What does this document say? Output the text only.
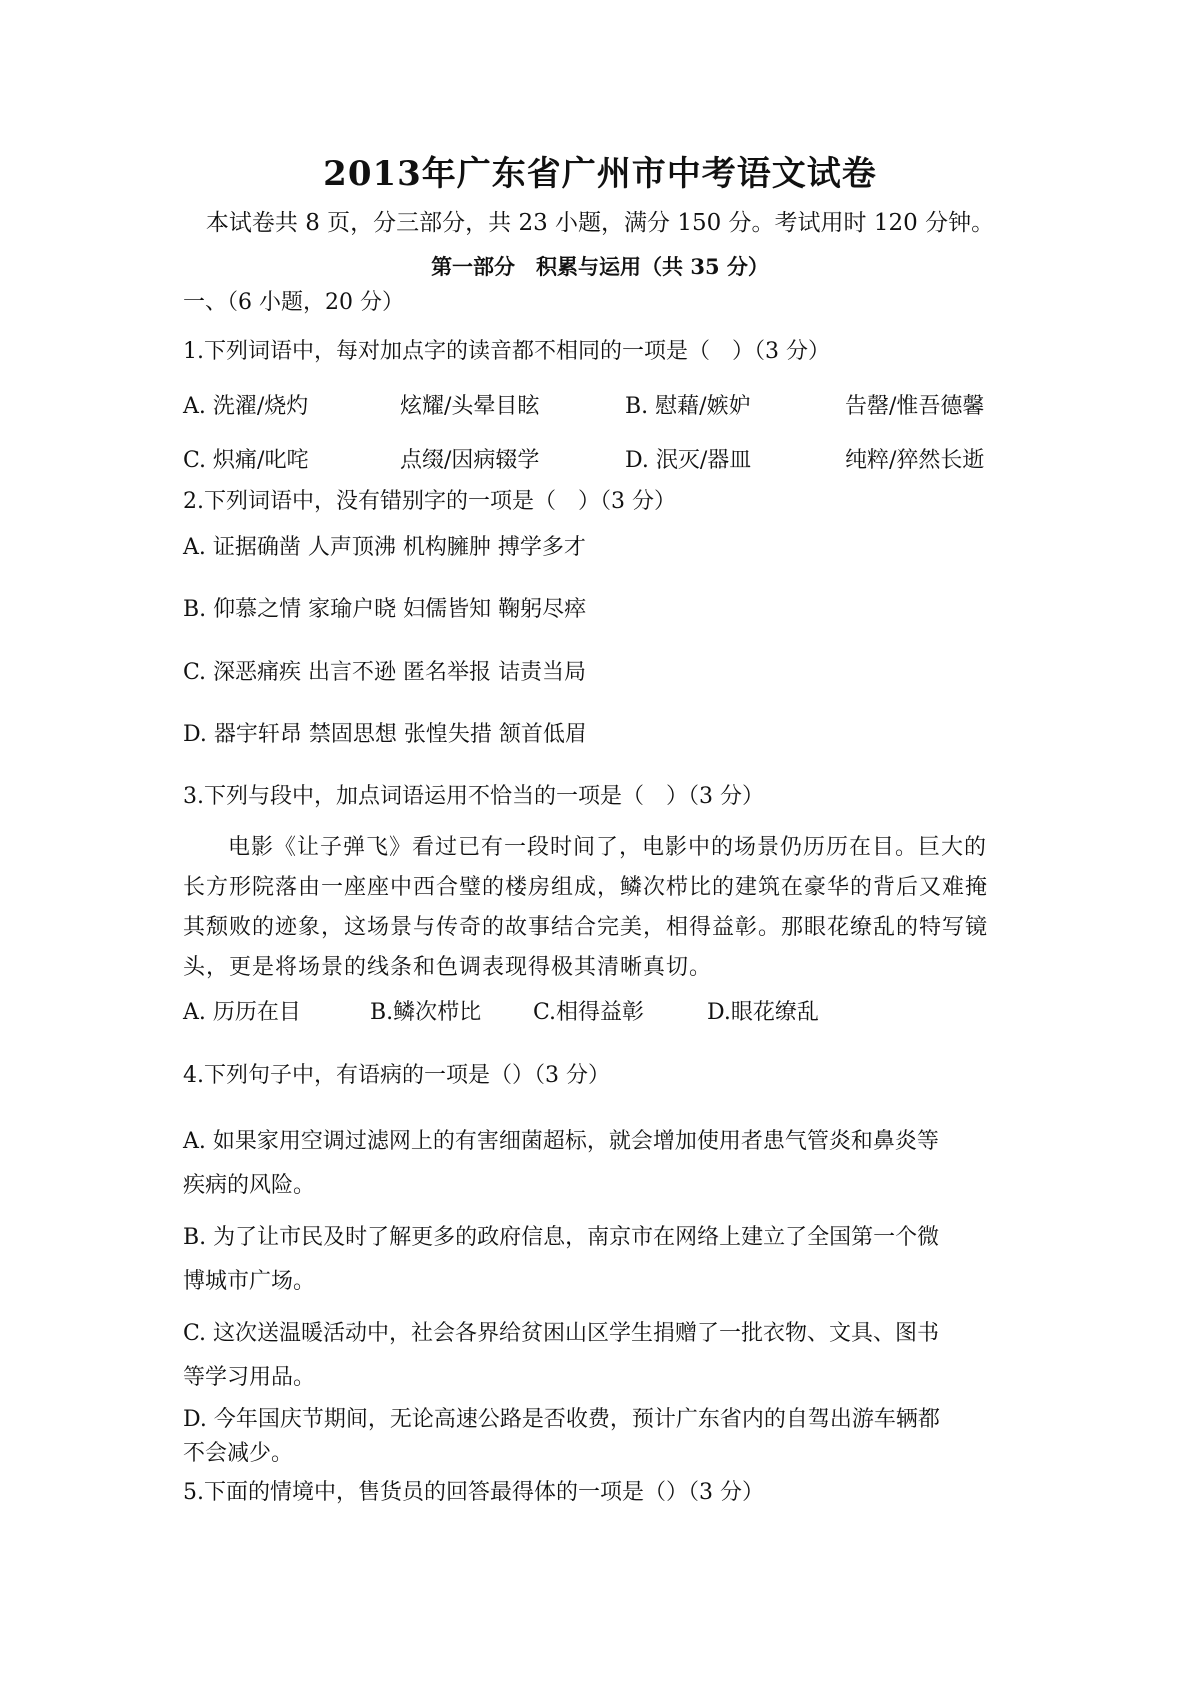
2013年广东省广州市中考语文试卷
本试卷共 8 页，分三部分，共 23 小题，满分 150 分。考试用时 120 分钟。
第一部分　积累与运用（共 35 分）
一、（6 小题，20 分）
1.下列词语中，每对加点字的读音都不相同的一项是（　）（3 分）
A. 洗濯/烧灼	炫耀/头晕目眩	B. 慰藉/嫉妒	告罄/惟吾德馨
C. 炽痛/叱咤	点缀/因病辍学	D. 泯灭/器皿	纯粹/猝然长逝
2.下列词语中，没有错别字的一项是（　）（3 分）
A. 证据确凿 人声顶沸 机构臃肿 搏学多才
B. 仰慕之情 家瑜户晓 妇儒皆知 鞠躬尽瘁
C. 深恶痛疾 出言不逊 匿名举报 诘责当局
D. 器宇轩昂 禁固思想 张惶失措 颔首低眉
3.下列与段中，加点词语运用不恰当的一项是（　）（3 分）
电影《让子弹飞》看过已有一段时间了，电影中的场景仍历历在目。巨大的
长方形院落由一座座中西合璧的楼房组成，鳞次栉比的建筑在豪华的背后又难掩
其颓败的迹象，这场景与传奇的故事结合完美，相得益彰。那眼花缭乱的特写镜
头，更是将场景的线条和色调表现得极其清晰真切。
A. 历历在目	B.鳞次栉比 C.相得益彰	D.眼花缭乱
4.下列句子中，有语病的一项是（）（3 分）
A. 如果家用空调过滤网上的有害细菌超标，就会增加使用者患气管炎和鼻炎等
疾病的风险。
B. 为了让市民及时了解更多的政府信息，南京市在网络上建立了全国第一个微
博城市广场。
C. 这次送温暖活动中，社会各界给贫困山区学生捐赠了一批衣物、文具、图书
等学习用品。
D. 今年国庆节期间，无论高速公路是否收费，预计广东省内的自驾出游车辆都
不会减少。
5.下面的情境中，售货员的回答最得体的一项是（）（3 分）
